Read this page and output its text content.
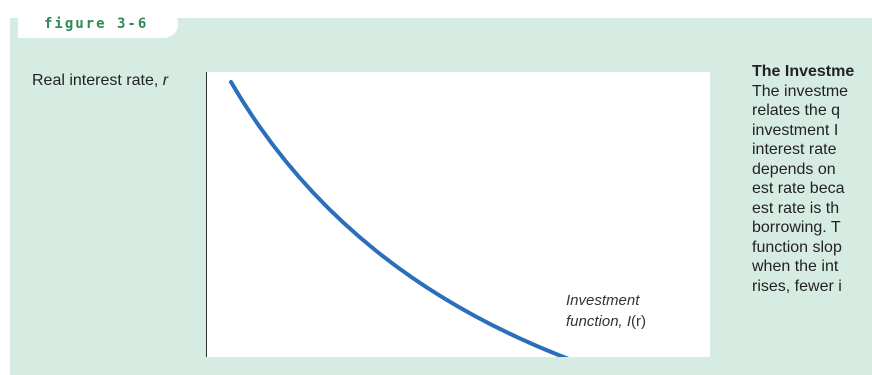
figure 3-6
Real interest rate, r
Investment
function, I(r)
The Investme
The investme
relates the q
investment I
interest rate
depends on
est rate beca
est rate is th
borrowing. T
function slop
when the int
rises, fewer i
